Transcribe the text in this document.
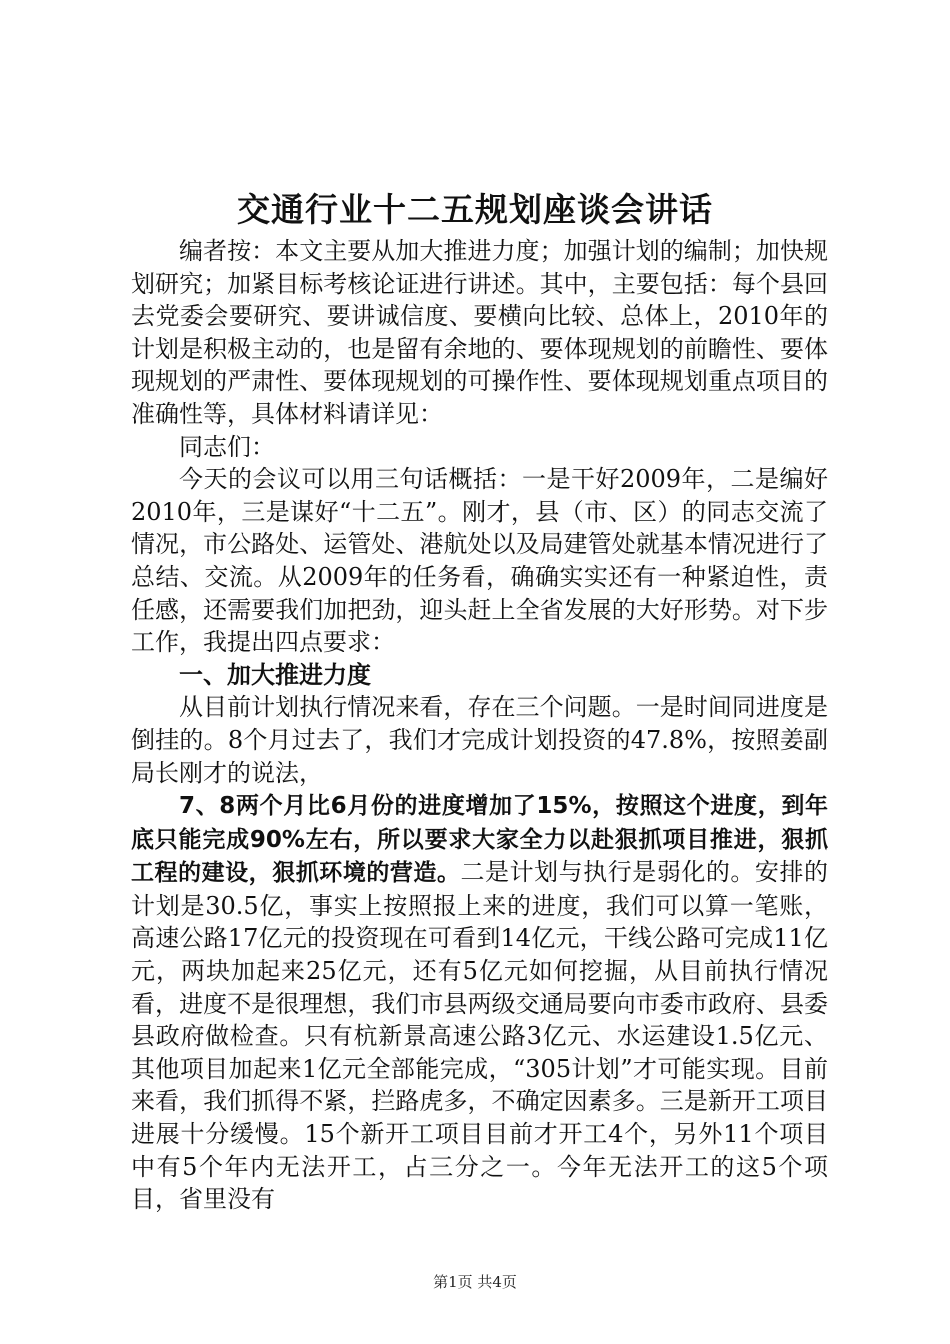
交通行业十二五规划座谈会讲话

编者按：本文主要从加大推进力度；加强计划的编制；加快规划研究；加紧目标考核论证进行讲述。其中，主要包括：每个县回去党委会要研究、要讲诚信度、要横向比较、总体上，2010年的计划是积极主动的，也是留有余地的、要体现规划的前瞻性、要体现规划的严肃性、要体现规划的可操作性、要体现规划重点项目的准确性等，具体材料请详见：

同志们：

今天的会议可以用三句话概括：一是干好2009年，二是编好2010年，三是谋好“十二五”。刚才，县（市、区）的同志交流了情况，市公路处、运管处、港航处以及局建管处就基本情况进行了总结、交流。从2009年的任务看，确确实实还有一种紧迫性，责任感，还需要我们加把劲，迎头赶上全省发展的大好形势。对下步工作，我提出四点要求：

一、加大推进力度

从目前计划执行情况来看，存在三个问题。一是时间同进度是倒挂的。8个月过去了，我们才完成计划投资的47.8%，按照姜副局长刚才的说法，

7、8两个月比6月份的进度增加了15%，按照这个进度，到年底只能完成90%左右，所以要求大家全力以赴狠抓项目推进，狠抓工程的建设，狠抓环境的营造。二是计划与执行是弱化的。安排的计划是30.5亿，事实上按照报上来的进度，我们可以算一笔账，高速公路17亿元的投资现在可看到14亿元，干线公路可完成11亿元，两块加起来25亿元，还有5亿元如何挖掘，从目前执行情况看，进度不是很理想，我们市县两级交通局要向市委市政府、县委县政府做检查。只有杭新景高速公路3亿元、水运建设1.5亿元、其他项目加起来1亿元全部能完成，“305计划”才可能实现。目前来看，我们抓得不紧，拦路虎多，不确定因素多。三是新开工项目进展十分缓慢。15个新开工项目目前才开工4个，另外11个项目中有5个年内无法开工，占三分之一。今年无法开工的这5个项目，省里没有

第1页 共4页
